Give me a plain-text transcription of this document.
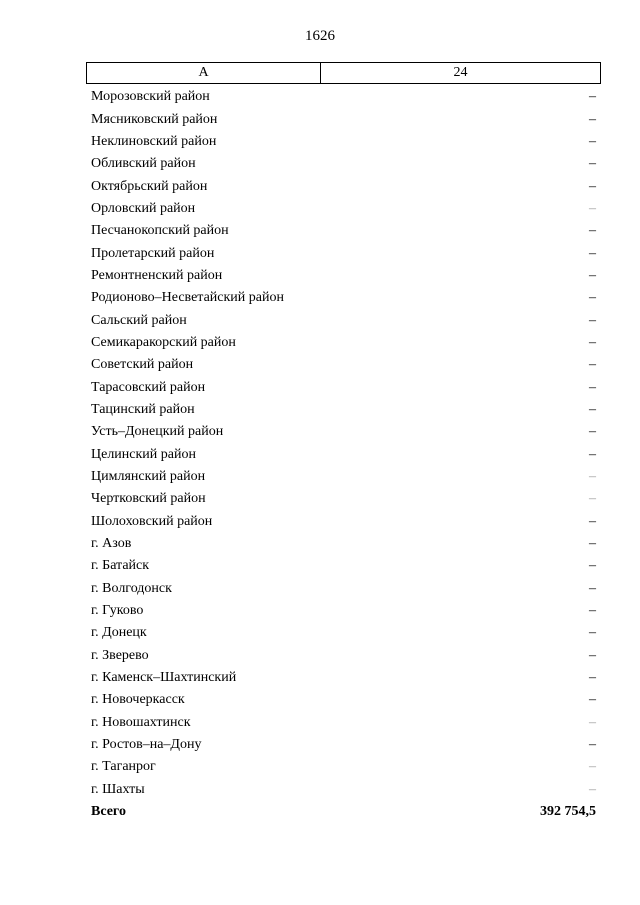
1626
А	24
Морозовский район	–
Мясниковский район	–
Неклиновский район	–
Обливский район	–
Октябрьский район	–
Орловский район	–
Песчанокопский район	–
Пролетарский район	–
Ремонтненский район	–
Родионово–Несветайский район	–
Сальский район	–
Семикаракорский район	–
Советский район	–
Тарасовский район	–
Тацинский район	–
Усть–Донецкий район	–
Целинский район	–
Цимлянский район	–
Чертковский район	–
Шолоховский район	–
г. Азов	–
г. Батайск	–
г. Волгодонск	–
г. Гуково	–
г. Донецк	–
г. Зверево	–
г. Каменск–Шахтинский	–
г. Новочеркасск	–
г. Новошахтинск	–
г. Ростов–на–Дону	–
г. Таганрог	–
г. Шахты	–
Всего	392 754,5
